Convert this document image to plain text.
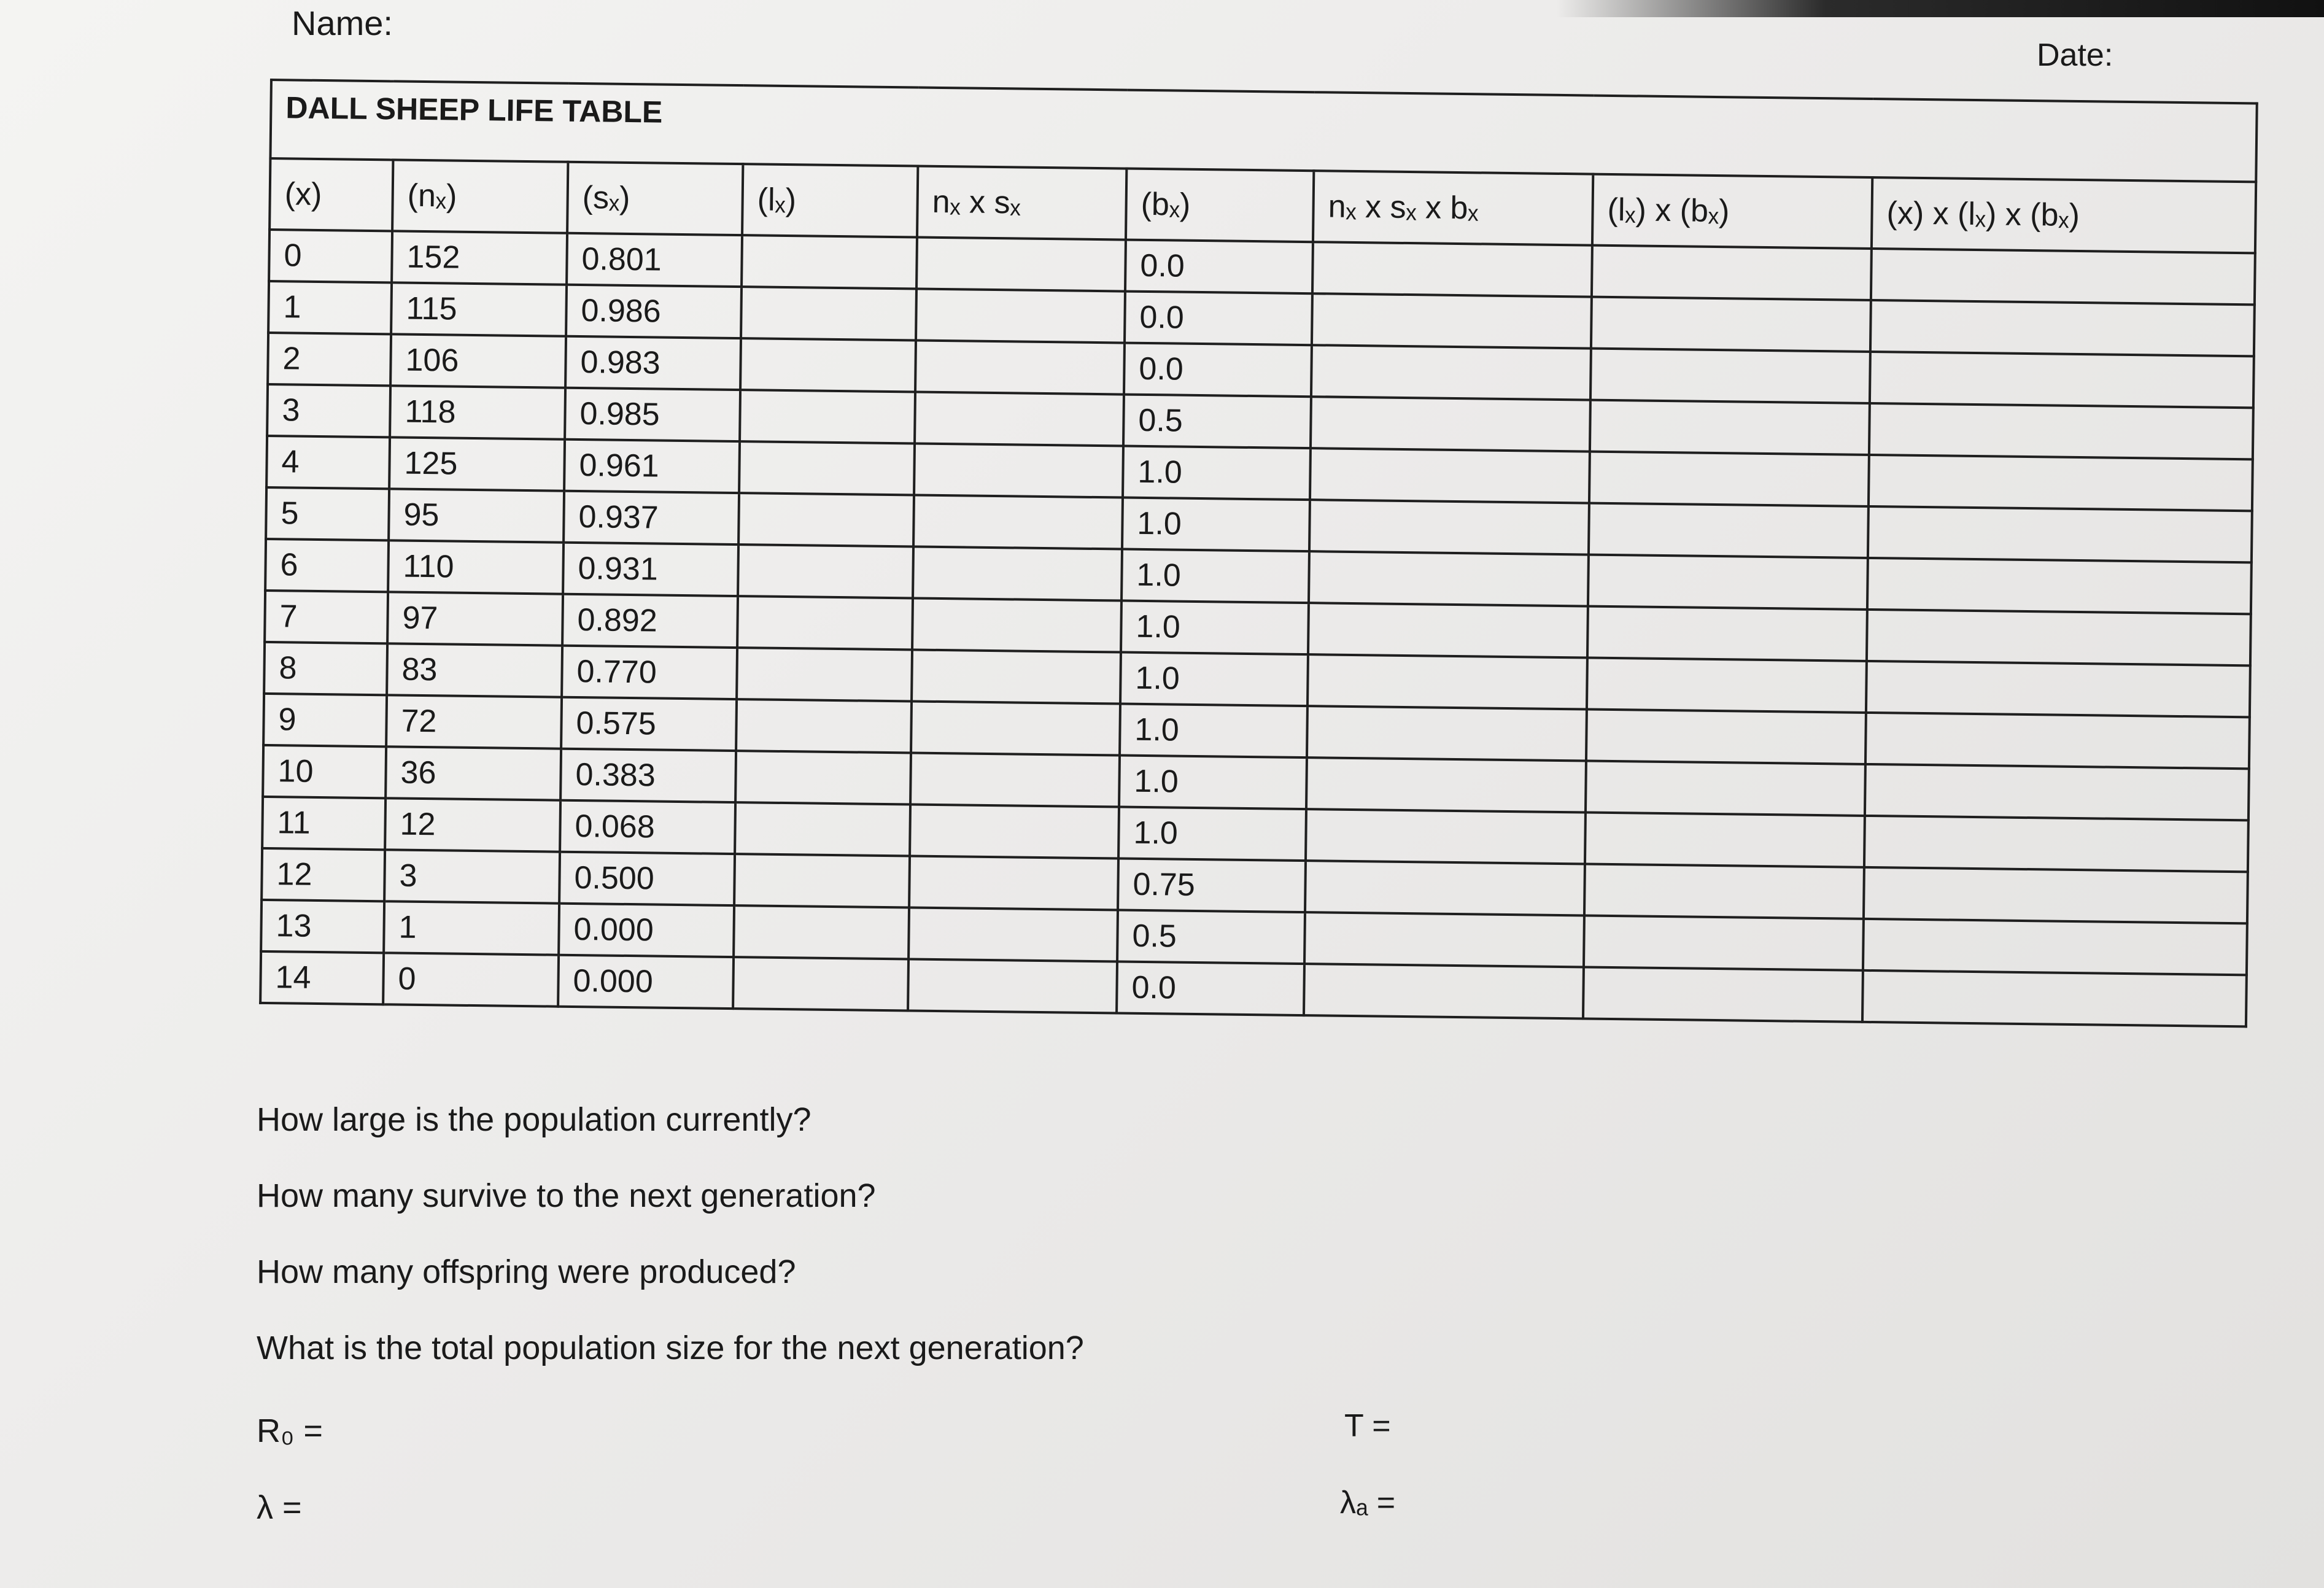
Name:
Date:
DALL SHEEP LIFE TABLE								
(x)	(nₓ)	(sₓ)	(lₓ)	nₓ x sₓ	(bₓ)	nₓ x sₓ x bₓ	(lₓ) x (bₓ)	(x) x (lₓ) x (bₓ)
0	152	0.801			0.0			
1	115	0.986			0.0			
2	106	0.983			0.0			
3	118	0.985			0.5			
4	125	0.961			1.0			
5	95	0.937			1.0			
6	110	0.931			1.0			
7	97	0.892			1.0			
8	83	0.770			1.0			
9	72	0.575			1.0			
10	36	0.383			1.0			
11	12	0.068			1.0			
12	3	0.500			0.75			
13	1	0.000			0.5			
14	0	0.000			0.0			
How large is the population currently?
How many survive to the next generation?
How many offspring were produced?
What is the total population size for the next generation?
R₀ =
λ =
T =
λₐ =
